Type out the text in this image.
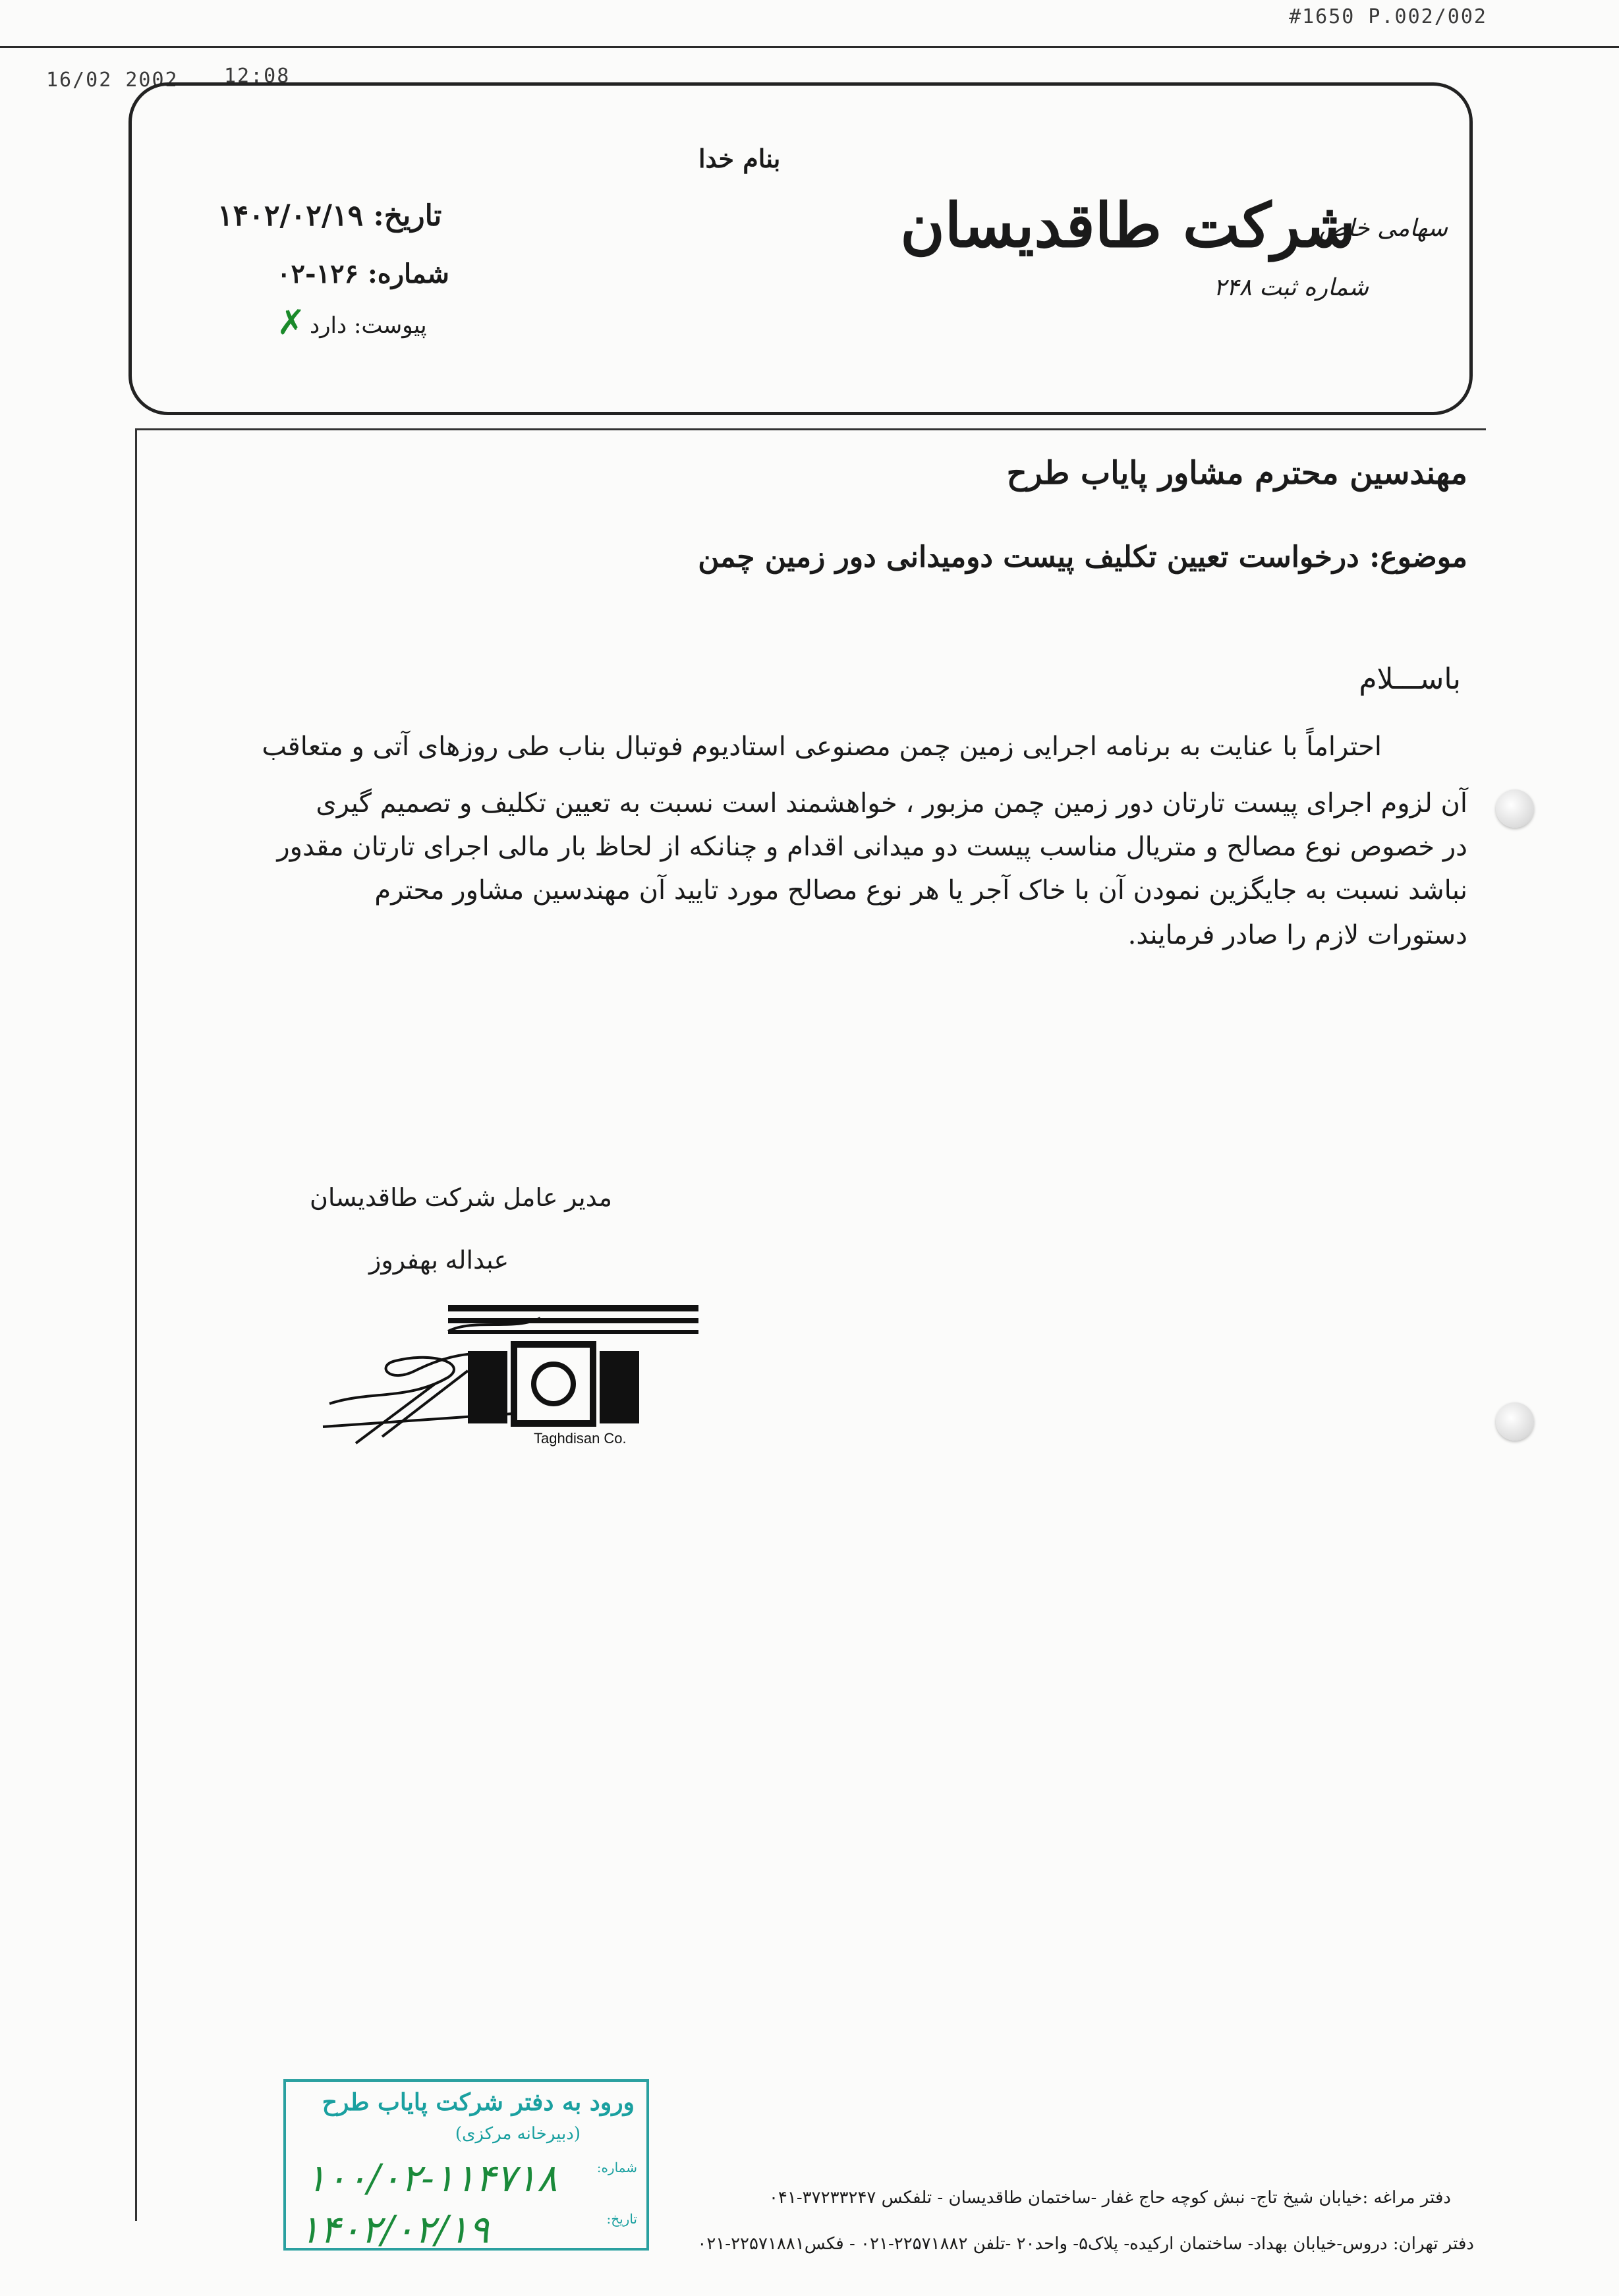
#1650 P.002/002
16/02 2002 12:08
بنام خدا
شرکت طاقدیسان
سهامی خاص
شماره ثبت ۲۴۸
تاریخ: ۱۴۰۲/۰۲/۱۹
شماره: ۱۲۶-۰۲
پیوست: دارد
✗
مهندسین محترم مشاور پایاب طرح
موضوع: درخواست تعیین تکلیف پیست دومیدانی دور زمین چمن
باســـلام
احتراماً با عنایت به برنامه اجرایی زمین چمن مصنوعی استادیوم فوتبال بناب طی روزهای آتی و متعاقب
آن لزوم اجرای پیست تارتان دور زمین چمن مزبور ، خواهشمند است نسبت به تعیین تکلیف و تصمیم گیری
در خصوص نوع مصالح و متریال مناسب پیست دو میدانی اقدام و چنانکه از لحاظ بار مالی اجرای تارتان مقدور
نباشد نسبت به جایگزین نمودن آن با خاک آجر یا هر نوع مصالح مورد تایید آن مهندسین مشاور محترم
دستورات لازم را صادر فرمایند.
مدیر عامل شرکت طاقدیسان
عبداله بهفروز
Taghdisan Co.
ورود به دفتر شرکت پایاب طرح
(دبیرخانه مرکزی)
شماره:
۱۰۰/۰۲-۱۱۴۷۱۸
تاریخ:
۱۴۰۲/۰۲/۱۹
دفتر مراغه :خیابان شیخ تاج- نبش کوچه حاج غفار -ساختمان طاقدیسان - تلفکس ۳۷۲۳۳۲۴۷-۰۴۱
دفتر تهران: دروس-خیابان بهداد- ساختمان ارکیده- پلاک۵- واحد۲۰ -تلفن ۲۲۵۷۱۸۸۲-۰۲۱ - فکس۲۲۵۷۱۸۸۱-۰۲۱
